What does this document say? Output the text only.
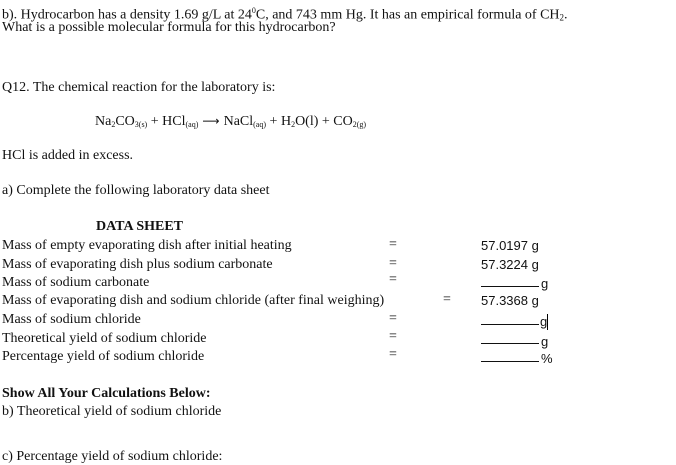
b). Hydrocarbon has a density 1.69 g/L at $24^0C$, and 743 mm Hg. It has an empirical formula of $CH_2$.
What is a possible molecular formula for this hydrocarbon?
Q12. The chemical reaction for the laboratory is:
$Na_2CO_{3(s)} + HCl_{(aq)}$ ⟶ NaCl$_{(aq)}$ + $H_2O(l) + CO_{2(g)}$
HCl is added in excess.
a) Complete the following laboratory data sheet
DATA SHEET
Mass of empty evaporating dish after initial heating	=	57.0197 g
Mass of evaporating dish plus sodium carbonate	=	57.3224 g
Mass of sodium carbonate	=	g
Mass of evaporating dish and sodium chloride (after final weighing)	= 57.3368 g
Mass of sodium chloride	=	g
Theoretical yield of sodium chloride	=	g
Percentage yield of sodium chloride	=	%
Show All Your Calculations Below:
b) Theoretical yield of sodium chloride
c) Percentage yield of sodium chloride:
